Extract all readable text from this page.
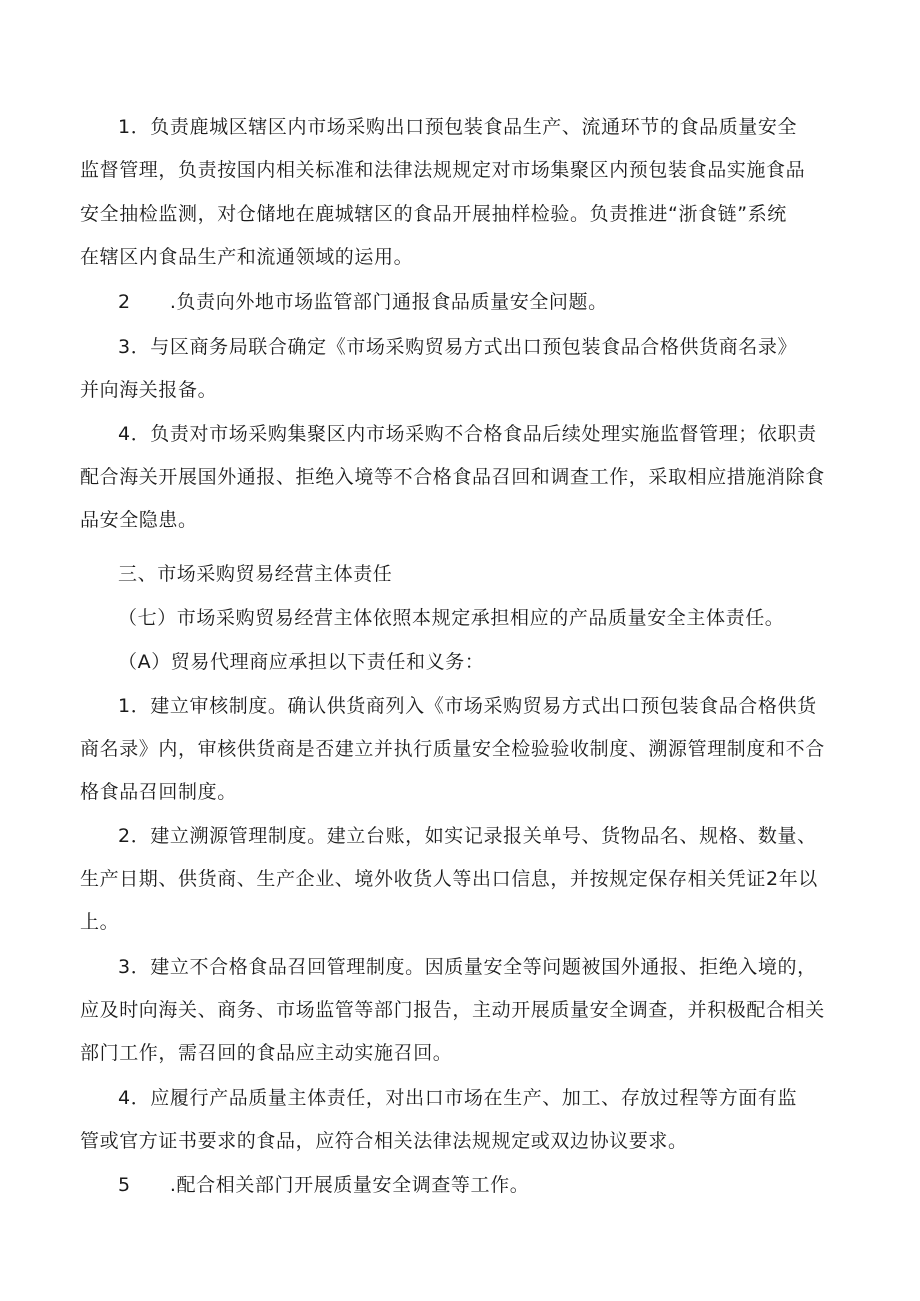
1．负责鹿城区辖区内市场采购出口预包装食品生产、流通环节的食品质量安全
监督管理，负责按国内相关标准和法律法规规定对市场集聚区内预包装食品实施食品
安全抽检监测，对仓储地在鹿城辖区的食品开展抽样检验。负责推进“浙食链”系统
在辖区内食品生产和流通领域的运用。
2　　.负责向外地市场监管部门通报食品质量安全问题。
3．与区商务局联合确定《市场采购贸易方式出口预包装食品合格供货商名录》
并向海关报备。
4．负责对市场采购集聚区内市场采购不合格食品后续处理实施监督管理；依职责
配合海关开展国外通报、拒绝入境等不合格食品召回和调查工作，采取相应措施消除食
品安全隐患。
三、市场采购贸易经营主体责任
（七）市场采购贸易经营主体依照本规定承担相应的产品质量安全主体责任。
（A）贸易代理商应承担以下责任和义务：
1．建立审核制度。确认供货商列入《市场采购贸易方式出口预包装食品合格供货
商名录》内，审核供货商是否建立并执行质量安全检验验收制度、溯源管理制度和不合
格食品召回制度。
2．建立溯源管理制度。建立台账，如实记录报关单号、货物品名、规格、数量、
生产日期、供货商、生产企业、境外收货人等出口信息，并按规定保存相关凭证2年以
上。
3．建立不合格食品召回管理制度。因质量安全等问题被国外通报、拒绝入境的，
应及时向海关、商务、市场监管等部门报告，主动开展质量安全调查，并积极配合相关
部门工作，需召回的食品应主动实施召回。
4．应履行产品质量主体责任，对出口市场在生产、加工、存放过程等方面有监
管或官方证书要求的食品，应符合相关法律法规规定或双边协议要求。
5　　.配合相关部门开展质量安全调查等工作。
